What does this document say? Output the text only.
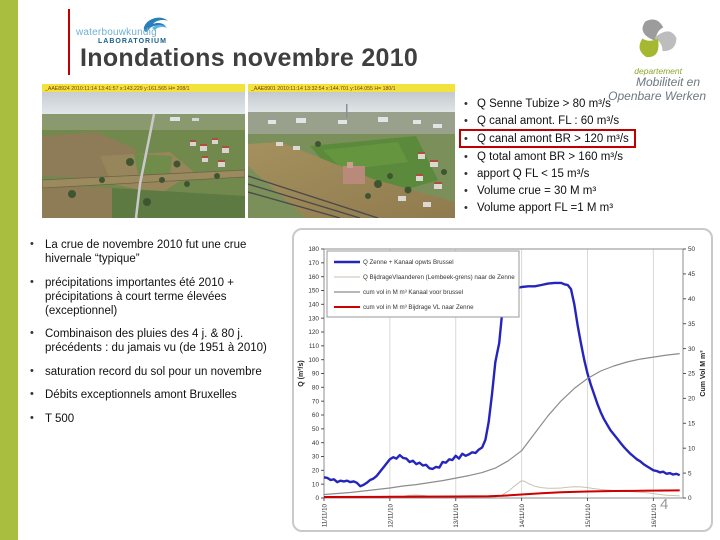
waterbouwkundig
LABORATORIUM
Inondations novembre 2010	departement
Mobiliteit en
Openbare Werken
_AAE8924 2010:11:14 13:41:57 x:143.229 y:161.565 H= 208/1	_AAE8901 2010:11:14 13:32:54 x:144.701 y:164.055 H= 180/1
• Q Senne Tubize > 80 m³/s
• Q canal amont. FL : 60 m³/s
• Q canal amont BR > 120 m³/s
• Q total amont BR > 160 m³/s
• apport Q FL < 15 m³/s
• Volume crue = 30 M m³
• Volume apport FL =1 M m³
• La crue de novembre 2010 fut une crue hivernale “typique”
• précipitations importantes été 2010 + précipitations à court terme élevées (exceptionnel)
• Combinaison des pluies des 4 j. & 80 j. précédents : du jamais vu (de 1951 à 2010)
• saturation record du sol pour un novembre
• Débits exceptionnels amont Bruxelles
• T 500
0
10
20
30
40
50
60
70
80
90
100
110
120
130
140
150
160
170
180
0
5
10
15
20
25
30
35
40
45
50
11/11/10	12/11/10	13/11/10	14/11/10	15/11/10	16/11/10
Q (m³/s)	Cum Vol M m³
Q Zenne + Kanaal opwts Brussel
Q BijdrageVlaanderen (Lembeek-grens) naar de Zenne
cum vol in M m³ Kanaal voor brussel
cum vol in M m³ Bijdrage VL naar Zenne
4
